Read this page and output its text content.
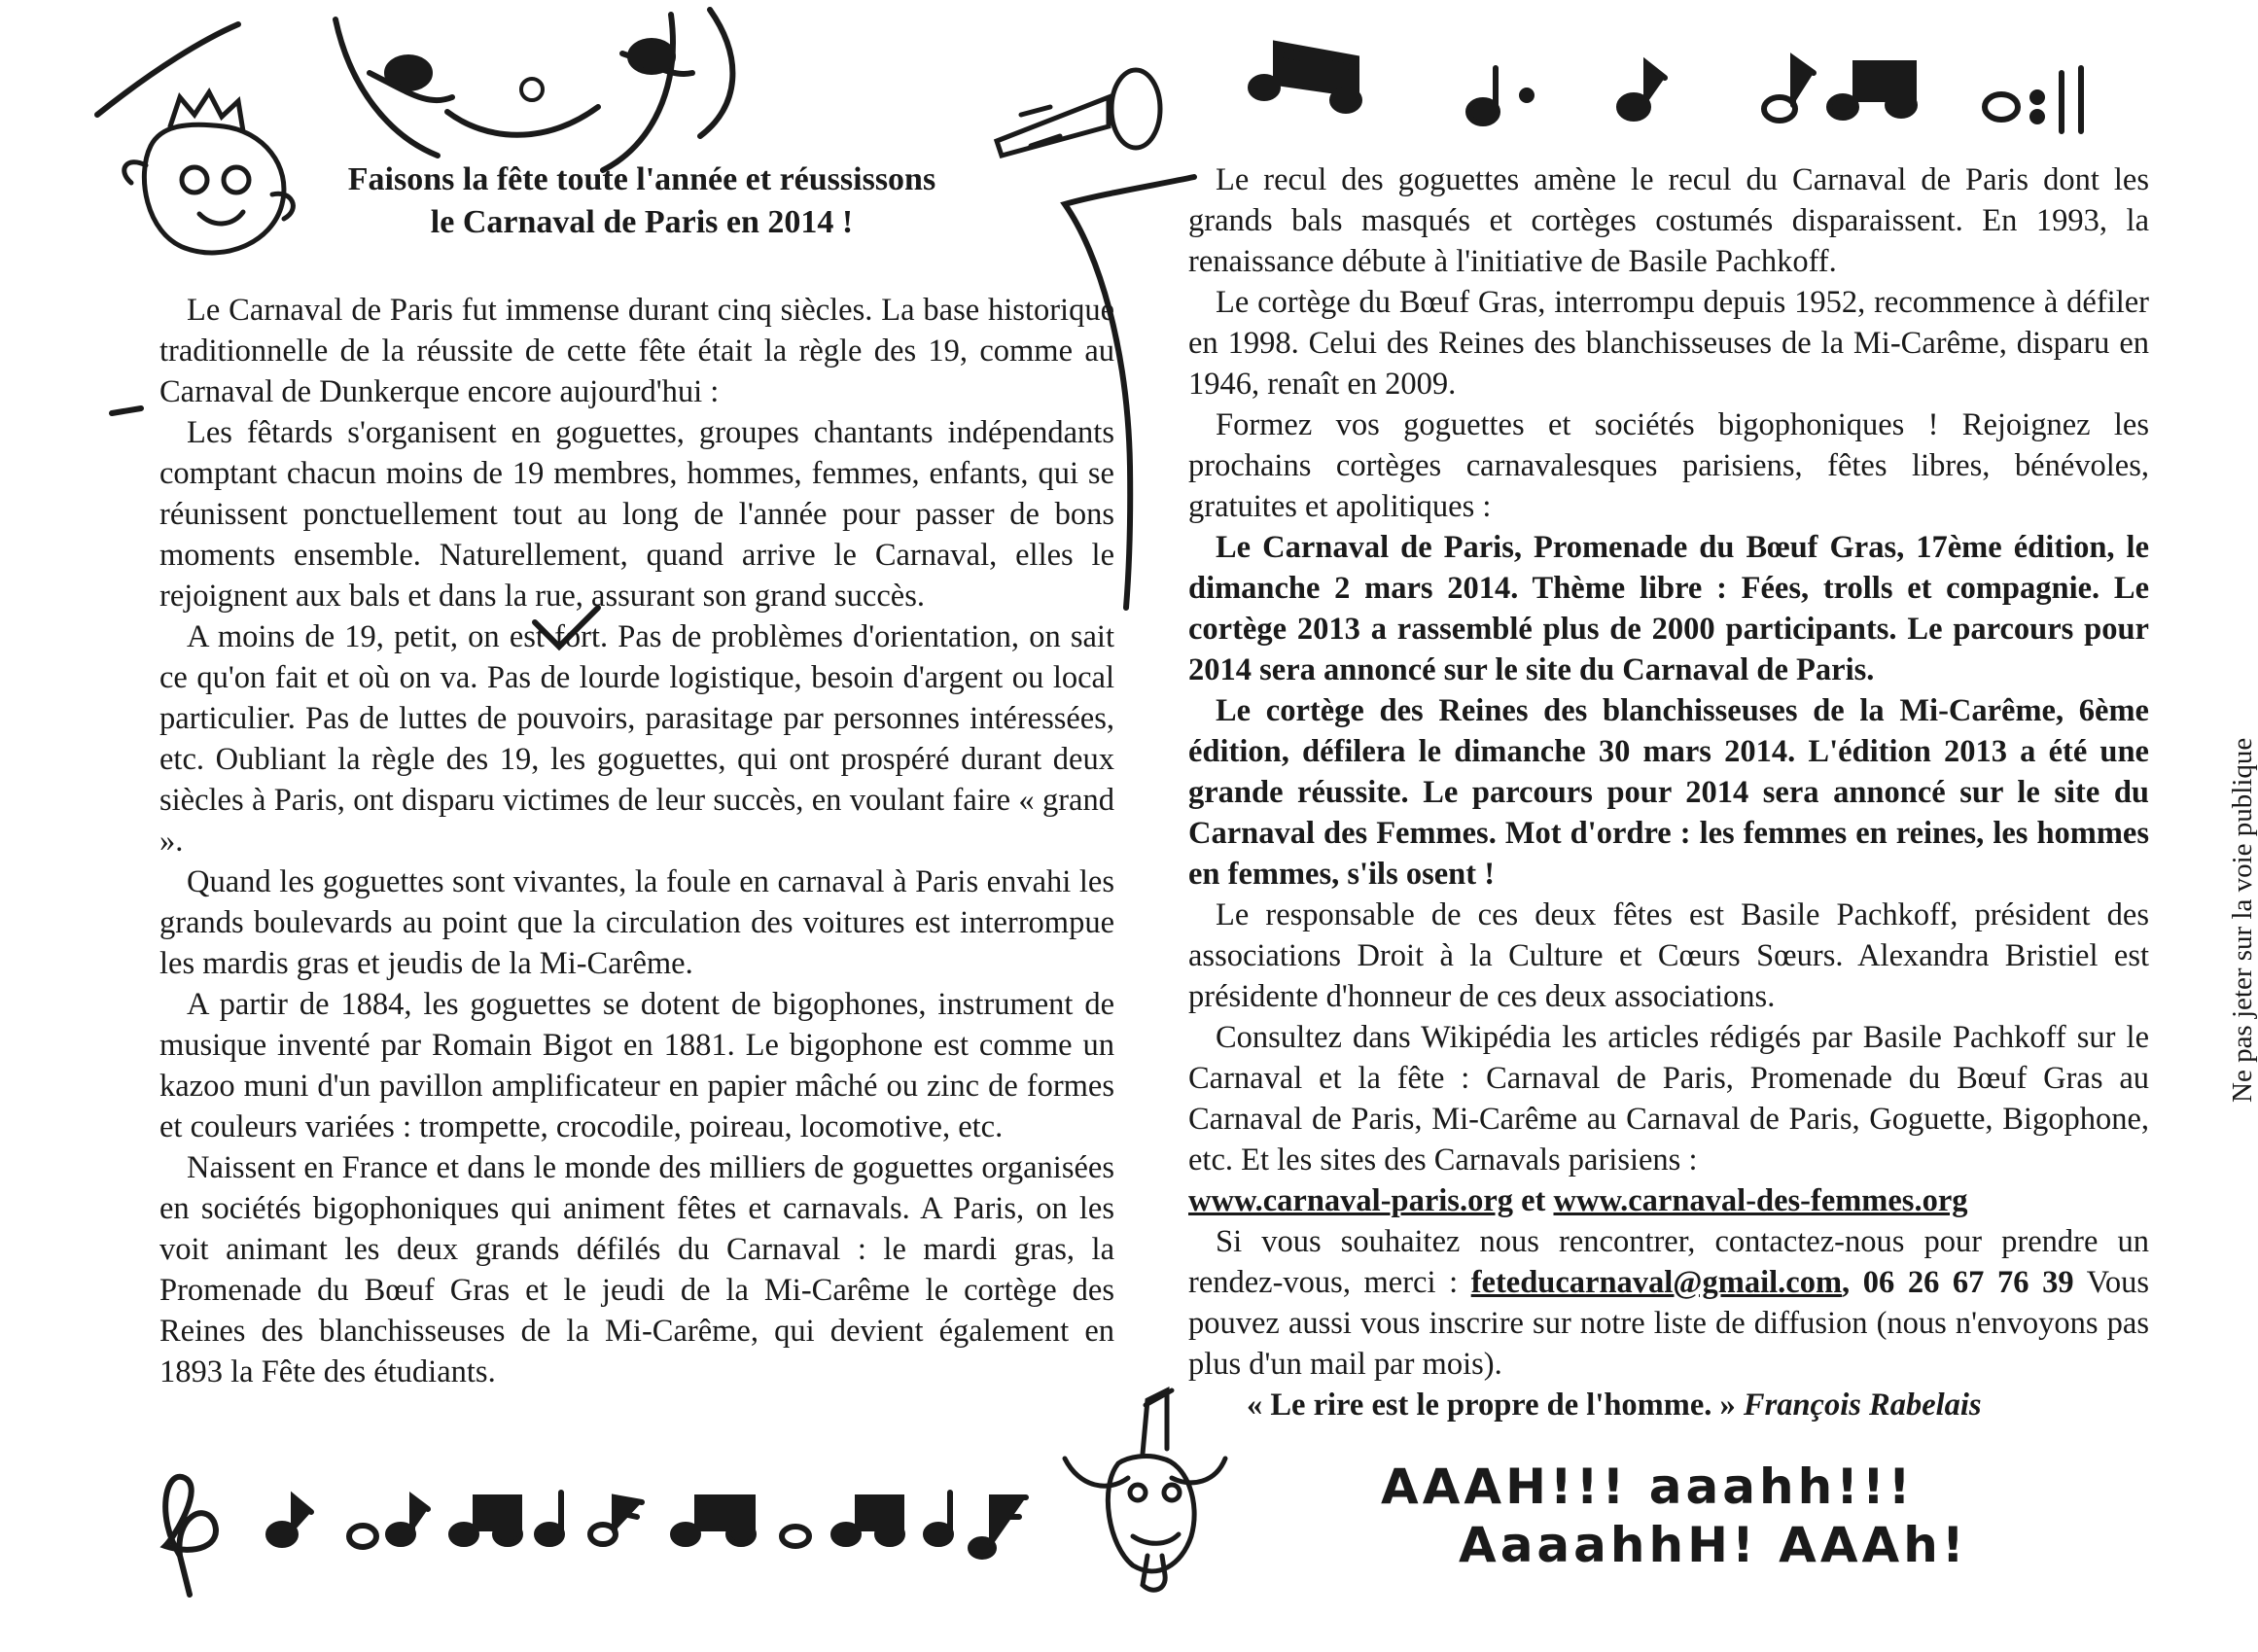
Faisons la fête toute l'année et réussissons
le Carnaval de Paris en 2014 !

Le Carnaval de Paris fut immense durant cinq siècles. La base historique traditionnelle de la réussite de cette fête était la règle des 19, comme au Carnaval de Dunkerque encore aujourd'hui :

Les fêtards s'organisent en goguettes, groupes chantants indépendants comptant chacun moins de 19 membres, hommes, femmes, enfants, qui se réunissent ponctuellement tout au long de l'année pour passer de bons moments ensemble. Naturellement, quand arrive le Carnaval, elles le rejoignent aux bals et dans la rue, assurant son grand succès.

A moins de 19, petit, on est fort. Pas de problèmes d'orientation, on sait ce qu'on fait et où on va. Pas de lourde logistique, besoin d'argent ou local particulier. Pas de luttes de pouvoirs, parasitage par personnes intéressées, etc. Oubliant la règle des 19, les goguettes, qui ont prospéré durant deux siècles à Paris, ont disparu victimes de leur succès, en voulant faire « grand ».

Quand les goguettes sont vivantes, la foule en carnaval à Paris envahi les grands boulevards au point que la circulation des voitures est interrompue les mardis gras et jeudis de la Mi-Carême.

A partir de 1884, les goguettes se dotent de bigophones, instrument de musique inventé par Romain Bigot en 1881. Le bigophone est comme un kazoo muni d'un pavillon amplificateur en papier mâché ou zinc de formes et couleurs variées : trompette, crocodile, poireau, locomotive, etc.

Naissent en France et dans le monde des milliers de goguettes organisées en sociétés bigophoniques qui animent fêtes et carnavals. A Paris, on les voit animant les deux grands défilés du Carnaval : le mardi gras, la Promenade du Bœuf Gras et le jeudi de la Mi-Carême le cortège des Reines des blanchisseuses de la Mi-Carême, qui devient également en 1893 la Fête des étudiants.

Le recul des goguettes amène le recul du Carnaval de Paris dont les grands bals masqués et cortèges costumés disparaissent. En 1993, la renaissance débute à l'initiative de Basile Pachkoff.

Le cortège du Bœuf Gras, interrompu depuis 1952, recommence à défiler en 1998. Celui des Reines des blanchisseuses de la Mi-Carême, disparu en 1946, renaît en 2009.

Formez vos goguettes et sociétés bigophoniques ! Rejoignez les prochains cortèges carnavalesques parisiens, fêtes libres, bénévoles, gratuites et apolitiques :

Le Carnaval de Paris, Promenade du Bœuf Gras, 17ème édition, le dimanche 2 mars 2014. Thème libre : Fées, trolls et compagnie. Le cortège 2013 a rassemblé plus de 2000 participants. Le parcours pour 2014 sera annoncé sur le site du Carnaval de Paris.

Le cortège des Reines des blanchisseuses de la Mi-Carême, 6ème édition, défilera le dimanche 30 mars 2014. L'édition 2013 a été une grande réussite. Le parcours pour 2014 sera annoncé sur le site du Carnaval des Femmes. Mot d'ordre : les femmes en reines, les hommes en femmes, s'ils osent !

Le responsable de ces deux fêtes est Basile Pachkoff, président des associations Droit à la Culture et Cœurs Sœurs. Alexandra Bristiel est présidente d'honneur de ces deux associations.

Consultez dans Wikipédia les articles rédigés par Basile Pachkoff sur le Carnaval et la fête : Carnaval de Paris, Promenade du Bœuf Gras au Carnaval de Paris, Mi-Carême au Carnaval de Paris, Goguette, Bigophone, etc. Et les sites des Carnavals parisiens :

www.carnaval-paris.org et www.carnaval-des-femmes.org

Si vous souhaitez nous rencontrer, contactez-nous pour prendre un rendez-vous, merci : feteducarnaval@gmail.com, 06 26 67 76 39 Vous pouvez aussi vous inscrire sur notre liste de diffusion (nous n'envoyons pas plus d'un mail par mois).

« Le rire est le propre de l'homme. » François Rabelais

Ne pas jeter sur la voie publique
AAAH!!! aaahh!!!
AaaahhH! AAAh!
